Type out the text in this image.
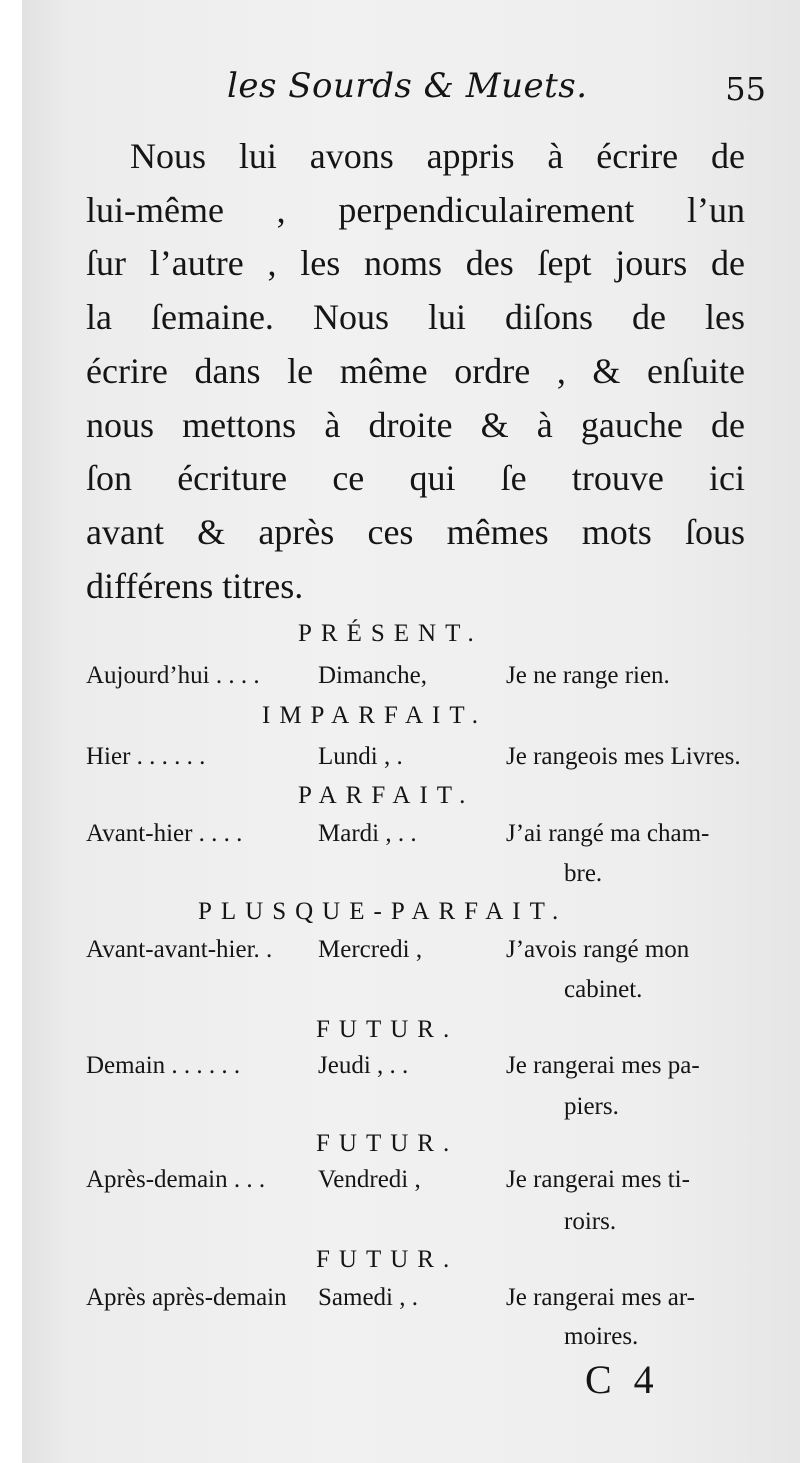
les Sourds & Muets.	55
Nous lui avons appris à écrire de
lui-même , perpendiculairement l’un
ſur l’autre , les noms des ſept jours de
la ſemaine. Nous lui diſons de les
écrire dans le même ordre , & enſuite
nous mettons à droite & à gauche de
ſon écriture ce qui ſe trouve ici
avant & après ces mêmes mots ſous
différens titres.
PRÉSENT.
Aujourd’hui . . . . Dimanche,	Je ne range rien.
IMPARFAIT.
Hier . . . . . .	Lundi , .	Je rangeois mes Livres.
PARFAIT.
Avant-hier . . . .	Mardi , . .	J’ai rangé ma cham-
bre.
PLUSQUE-PARFAIT.
Avant-avant-hier. . Mercredi ,	J’avois rangé mon
cabinet.
FUTUR.
Demain . . . . . .	Jeudi , . .	Je rangerai mes pa-
piers.
FUTUR.
Après-demain . . . Vendredi ,	Je rangerai mes ti-
roirs.
FUTUR.
Après après-demain Samedi , .	Je rangerai mes ar-
moires.
C 4
